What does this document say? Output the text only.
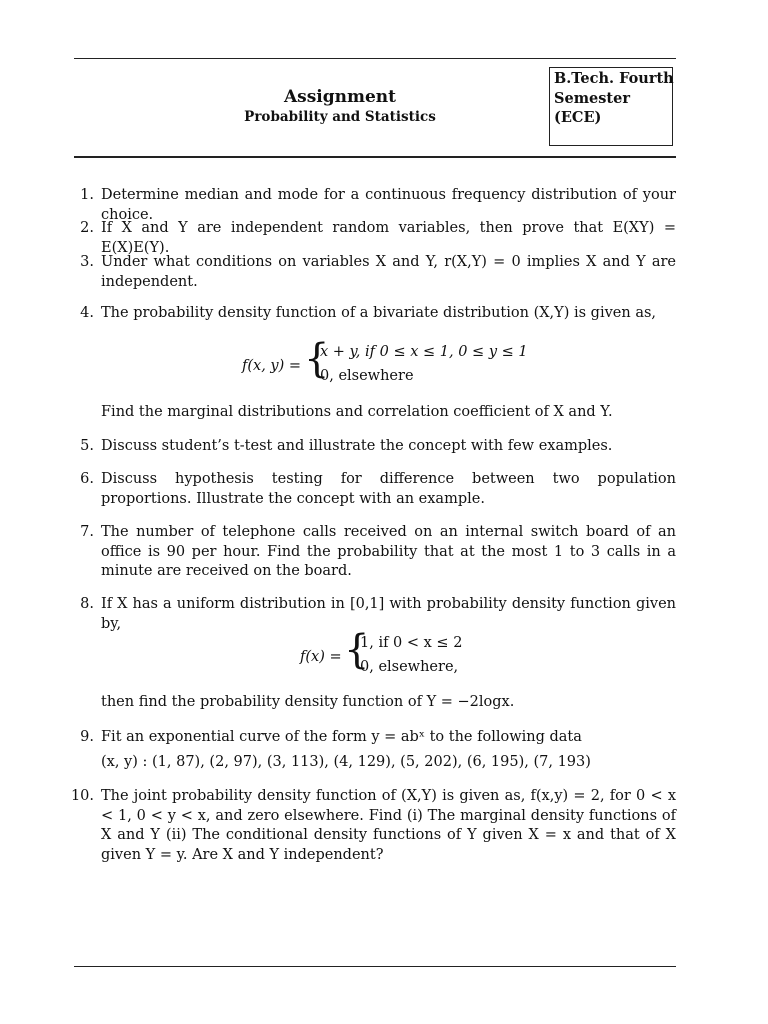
Assignment
Probability and Statistics
B.Tech. Fourth
Semester
(ECE)
1. Determine median and mode for a continuous frequency distribution of your choice.
2. If X and Y are independent random variables, then prove that E(XY) = E(X)E(Y).
3. Under what conditions on variables X and Y, r(X,Y) = 0 implies X and Y are independent.
4. The probability density function of a bivariate distribution (X,Y) is given as,
f(x, y) = {
x + y, if 0 ≤ x ≤ 1, 0 ≤ y ≤ 1
0, elsewhere
Find the marginal distributions and correlation coefficient of X and Y.
5. Discuss student’s t-test and illustrate the concept with few examples.
6. Discuss hypothesis testing for difference between two population proportions. Illustrate the concept with an example.
7. The number of telephone calls received on an internal switch board of an office is 90 per hour. Find the probability that at the most 1 to 3 calls in a minute are received on the board.
8. If X has a uniform distribution in [0,1] with probability density function given by,
f(x) = {
1, if 0 < x ≤ 2
0, elsewhere,
then find the probability density function of Y = −2logx.
9. Fit an exponential curve of the form y = abˣ to the following data
(x, y) : (1, 87), (2, 97), (3, 113), (4, 129), (5, 202), (6, 195), (7, 193)
10. The joint probability density function of (X,Y) is given as, f(x,y) = 2, for 0 < x < 1, 0 < y < x, and zero elsewhere. Find (i) The marginal density functions of X and Y (ii) The conditional density functions of Y given X = x and that of X given Y = y. Are X and Y independent?
